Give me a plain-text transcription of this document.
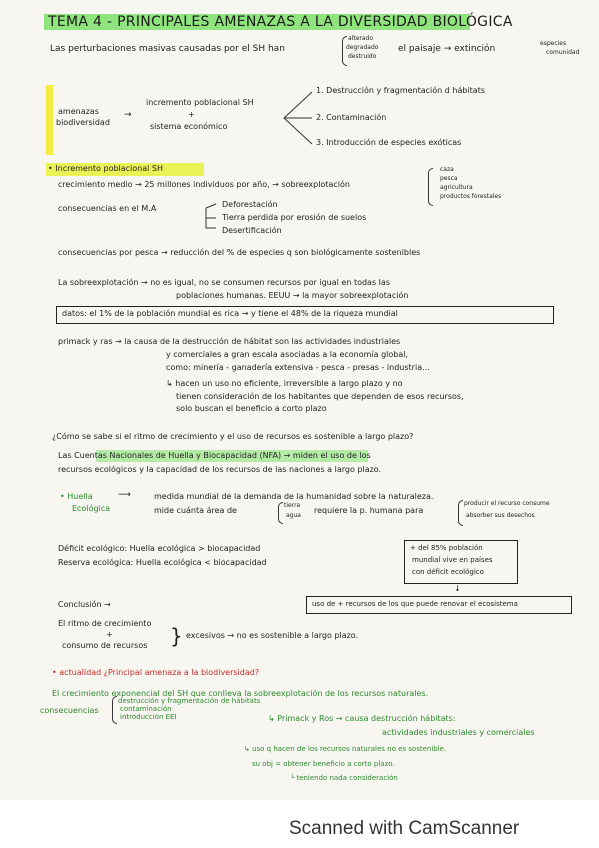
TEMA 4 - PRINCIPALES AMENAZAS A LA DIVERSIDAD BIOLÓGICA
Las perturbaciones masivas causadas por el SH han
alterado
degradado
destruido
el paisaje → extinción
especies
comunidad
amenazas
biodiversidad
→
incremento poblacional SH
+
sistema económico
1. Destrucción y fragmentación d hábitats
2. Contaminación
3. Introducción de especies exóticas
• Incremento poblacional SH
crecimiento medio → 25 millones individuos por año, → sobreexplotación
caza
pesca
agricultura
productos forestales
consecuencias en el M.A	Deforestación
Tierra perdida por erosión de suelos
Desertificación
consecuencias por pesca → reducción del % de especies q son biológicamente sostenibles
La sobreexplotación → no es igual, no se consumen recursos por igual en todas las
poblaciones humanas. EEUU → la mayor sobreexplotación
datos: el 1% de la población mundial es rica → y tiene el 48% de la riqueza mundial
primack y ras → la causa de la destrucción de hábitat son las actividades industriales
y comerciales a gran escala asociadas a la economía global,
como: minería - ganadería extensiva - pesca - presas - industria...
↳ hacen un uso no eficiente, irreversible a largo plazo y no
tienen consideración de los habitantes que dependen de esos recursos,
solo buscan el beneficio a corto plazo
¿Cómo se sabe si el ritmo de crecimiento y el uso de recursos es sostenible a largo plazo?
Las Cuentas Nacionales de Huella y Biocapacidad (NFA) → miden el uso de los
recursos ecológicos y la capacidad de los recursos de las naciones a largo plazo.
• Huella
Ecológica
⟶	medida mundial de la demanda de la humanidad sobre la naturaleza.
mide cuánta área de
tierra
agua
requiere la p. humana para
producir el recurso consume
absorber sus desechos
Déficit ecológico: Huella ecológica > biocapacidad
Reserva ecológica: Huella ecológica < biocapacidad
+ del 85% población
mundial vive en países
con déficit ecológico
↓
Conclusión →	uso de + recursos de los que puede renovar el ecosistema
El ritmo de crecimiento
+
consumo de recursos } excesivos → no es sostenible a largo plazo.
• actualidad ¿Principal amenaza a la biodiversidad?
El crecimiento exponencial del SH que conlleva la sobreexplotación de los recursos naturales.
consecuencias
destrucción y fragmentación de hábitats
contaminación
introducción EEI	↳ Primack y Ros → causa destrucción hábitats:
actividades industriales y comerciales
↳ uso q hacen de los recursos naturales no es sostenible.
su obj = obtener beneficio a corto plazo.
└ teniendo nada consideración
Scanned with CamScanner
